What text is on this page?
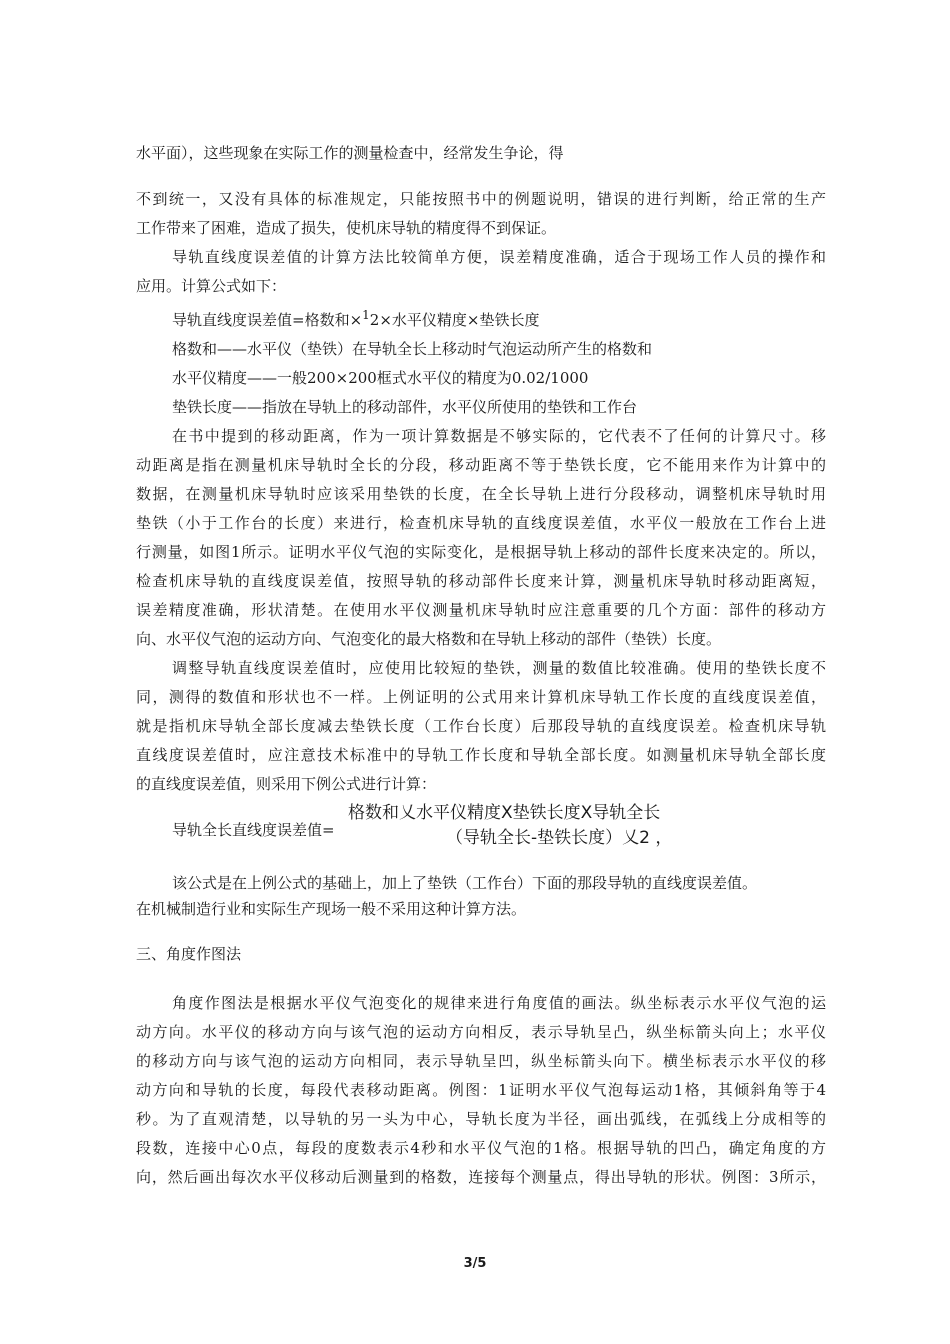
水平面），这些现象在实际工作的测量检查中，经常发生争论，得
不到统一，又没有具体的标准规定，只能按照书中的例题说明，错误的进行判断，给正常的生产
工作带来了困难，造成了损失，使机床导轨的精度得不到保证。
导轨直线度误差值的计算方法比较简单方便，误差精度准确，适合于现场工作人员的操作和
应用。计算公式如下：
导轨直线度误差值=格数和×$^1$2×水平仪精度×垫铁长度
格数和——水平仪（垫铁）在导轨全长上移动时气泡运动所产生的格数和
水平仪精度——一般200×200框式水平仪的精度为0.02/1000
垫铁长度——指放在导轨上的移动部件，水平仪所使用的垫铁和工作台
在书中提到的移动距离，作为一项计算数据是不够实际的，它代表不了任何的计算尺寸。移
动距离是指在测量机床导轨时全长的分段，移动距离不等于垫铁长度，它不能用来作为计算中的
数据，在测量机床导轨时应该采用垫铁的长度，在全长导轨上进行分段移动，调整机床导轨时用
垫铁（小于工作台的长度）来进行，检查机床导轨的直线度误差值，水平仪一般放在工作台上进
行测量，如图1所示。证明水平仪气泡的实际变化，是根据导轨上移动的部件长度来决定的。所以，
检查机床导轨的直线度误差值，按照导轨的移动部件长度来计算，测量机床导轨时移动距离短，
误差精度准确，形状清楚。在使用水平仪测量机床导轨时应注意重要的几个方面：部件的移动方
向、水平仪气泡的运动方向、气泡变化的最大格数和在导轨上移动的部件（垫铁）长度。
调整导轨直线度误差值时，应使用比较短的垫铁，测量的数值比较准确。使用的垫铁长度不
同，测得的数值和形状也不一样。上例证明的公式用来计算机床导轨工作长度的直线度误差值，
就是指机床导轨全部长度减去垫铁长度（工作台长度）后那段导轨的直线度误差。检查机床导轨
直线度误差值时，应注意技术标准中的导轨工作长度和导轨全部长度。如测量机床导轨全部长度
的直线度误差值，则采用下例公式进行计算：
导轨全长直线度误差值=
格数和乂水平仪精度X垫铁长度X导轨全长
（导轨全长-垫铁长度）乂2 ，
该公式是在上例公式的基础上，加上了垫铁（工作台）下面的那段导轨的直线度误差值。
在机械制造行业和实际生产现场一般不采用这种计算方法。
三、角度作图法
角度作图法是根据水平仪气泡变化的规律来进行角度值的画法。纵坐标表示水平仪气泡的运
动方向。水平仪的移动方向与该气泡的运动方向相反，表示导轨呈凸，纵坐标箭头向上；水平仪
的移动方向与该气泡的运动方向相同，表示导轨呈凹，纵坐标箭头向下。横坐标表示水平仪的移
动方向和导轨的长度，每段代表移动距离。例图：1证明水平仪气泡每运动1格，其倾斜角等于4
秒。为了直观清楚，以导轨的另一头为中心，导轨长度为半径，画出弧线，在弧线上分成相等的
段数，连接中心0点，每段的度数表示4秒和水平仪气泡的1格。根据导轨的凹凸，确定角度的方
向，然后画出每次水平仪移动后测量到的格数，连接每个测量点，得出导轨的形状。例图：3所示，
3/5
